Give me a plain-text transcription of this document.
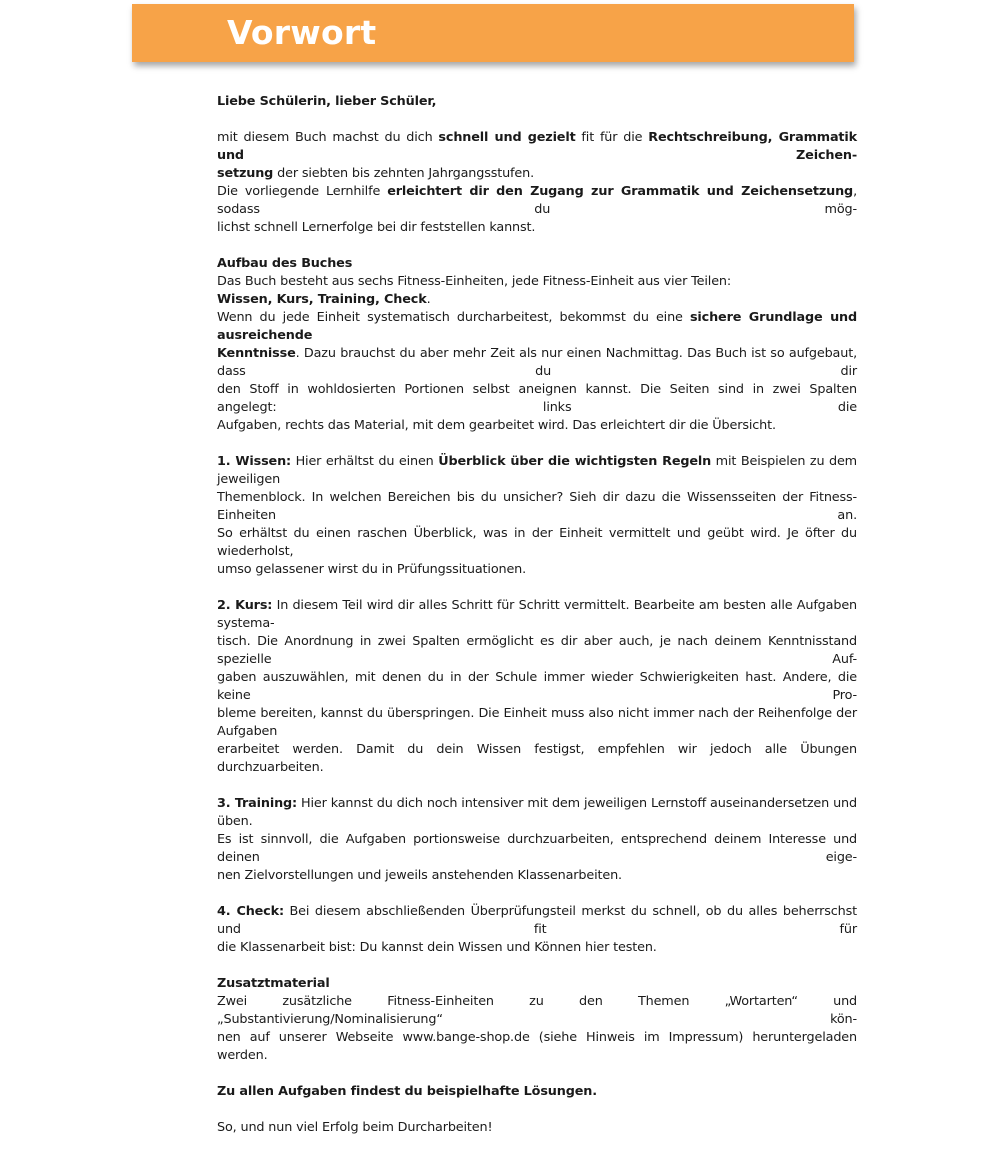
Vorwort

Liebe Schülerin, lieber Schüler,

mit diesem Buch machst du dich schnell und gezielt fit für die Rechtschreibung, Grammatik und Zeichen-
setzung der siebten bis zehnten Jahrgangsstufen.
Die vorliegende Lernhilfe erleichtert dir den Zugang zur Grammatik und Zeichensetzung, sodass du mög-
lichst schnell Lernerfolge bei dir feststellen kannst.

Aufbau des Buches
Das Buch besteht aus sechs Fitness-Einheiten, jede Fitness-Einheit aus vier Teilen:
Wissen, Kurs, Training, Check.
Wenn du jede Einheit systematisch durcharbeitest, bekommst du eine sichere Grundlage und ausreichende
Kenntnisse. Dazu brauchst du aber mehr Zeit als nur einen Nachmittag. Das Buch ist so aufgebaut, dass du dir
den Stoff in wohldosierten Portionen selbst aneignen kannst. Die Seiten sind in zwei Spalten angelegt: links die
Aufgaben, rechts das Material, mit dem gearbeitet wird. Das erleichtert dir die Übersicht.

1. Wissen: Hier erhältst du einen Überblick über die wichtigsten Regeln mit Beispielen zu dem jeweiligen
Themenblock. In welchen Bereichen bis du unsicher? Sieh dir dazu die Wissensseiten der Fitness-Einheiten an.
So erhältst du einen raschen Überblick, was in der Einheit vermittelt und geübt wird. Je öfter du wiederholst,
umso gelassener wirst du in Prüfungssituationen.

2. Kurs: In diesem Teil wird dir alles Schritt für Schritt vermittelt. Bearbeite am besten alle Aufgaben systema-
tisch. Die Anordnung in zwei Spalten ermöglicht es dir aber auch, je nach deinem Kenntnisstand spezielle Auf-
gaben auszuwählen, mit denen du in der Schule immer wieder Schwierigkeiten hast. Andere, die keine Pro-
bleme bereiten, kannst du überspringen. Die Einheit muss also nicht immer nach der Reihenfolge der Aufgaben
erarbeitet werden. Damit du dein Wissen festigst, empfehlen wir jedoch alle Übungen durchzuarbeiten.

3. Training: Hier kannst du dich noch intensiver mit dem jeweiligen Lernstoff auseinandersetzen und üben.
Es ist sinnvoll, die Aufgaben portionsweise durchzuarbeiten, entsprechend deinem Interesse und deinen eige-
nen Zielvorstellungen und jeweils anstehenden Klassenarbeiten.

4. Check: Bei diesem abschließenden Überprüfungsteil merkst du schnell, ob du alles beherrschst und fit für
die Klassenarbeit bist: Du kannst dein Wissen und Können hier testen.

Zusatztmaterial
Zwei zusätzliche Fitness-Einheiten zu den Themen „Wortarten“ und „Substantivierung/Nominalisierung“ kön-
nen auf unserer Webseite www.bange-shop.de (siehe Hinweis im Impressum) heruntergeladen werden.

Zu allen Aufgaben findest du beispielhafte Lösungen.

So, und nun viel Erfolg beim Durcharbeiten!
